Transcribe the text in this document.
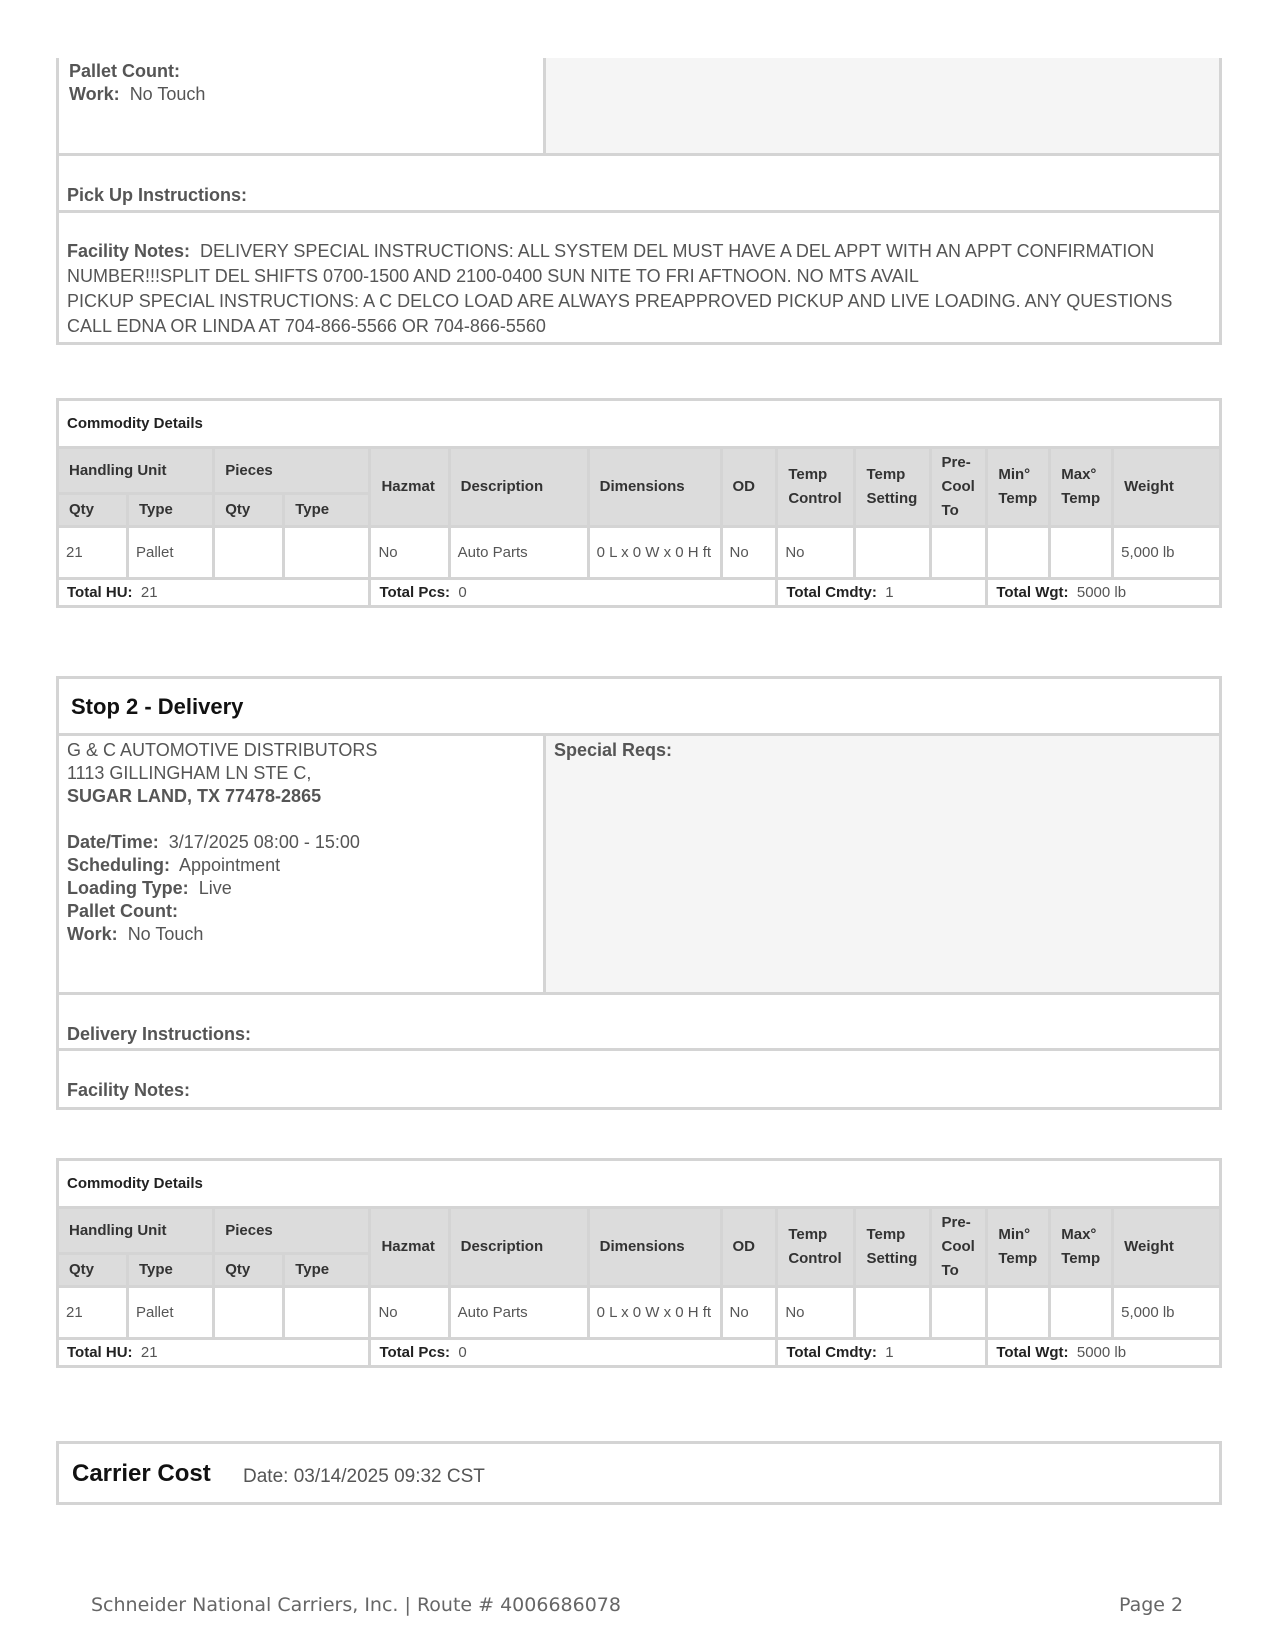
Pallet Count:
Work: No Touch
Pick Up Instructions:
Facility Notes: DELIVERY SPECIAL INSTRUCTIONS: ALL SYSTEM DEL MUST HAVE A DEL APPT WITH AN APPT CONFIRMATION NUMBER!!!SPLIT DEL SHIFTS 0700-1500 AND 2100-0400 SUN NITE TO FRI AFTNOON. NO MTS AVAIL
PICKUP SPECIAL INSTRUCTIONS: A C DELCO LOAD ARE ALWAYS PREAPPROVED PICKUP AND LIVE LOADING. ANY QUESTIONS CALL EDNA OR LINDA AT 704-866-5566 OR 704-866-5560
Commodity Details													
Handling Unit		Pieces		Hazmat	Description	Dimensions	OD	Temp Control	Temp Setting	Pre-Cool To	Min° Temp	Max° Temp	Weight
Qty	Type	Qty	Type										
21	Pallet			No	Auto Parts	0 L x 0 W x 0 H ft	No	No					5,000 lb
Total HU: 21				Total Pcs: 0				Total Cmdty: 1			Total Wgt: 5000 lb		
Stop 2 - Delivery
G & C AUTOMOTIVE DISTRIBUTORS
1113 GILLINGHAM LN STE C,
SUGAR LAND, TX 77478-2865
Date/Time: 3/17/2025 08:00 - 15:00
Scheduling: Appointment
Loading Type: Live
Pallet Count:
Work: No Touch
Special Reqs:
Delivery Instructions:
Facility Notes:
Commodity Details													
Handling Unit		Pieces		Hazmat	Description	Dimensions	OD	Temp Control	Temp Setting	Pre-Cool To	Min° Temp	Max° Temp	Weight
Qty	Type	Qty	Type										
21	Pallet			No	Auto Parts	0 L x 0 W x 0 H ft	No	No					5,000 lb
Total HU: 21				Total Pcs: 0				Total Cmdty: 1			Total Wgt: 5000 lb		
Carrier Cost Date: 03/14/2025 09:32 CST
Schneider National Carriers, Inc. | Route # 4006686078	Page 2
